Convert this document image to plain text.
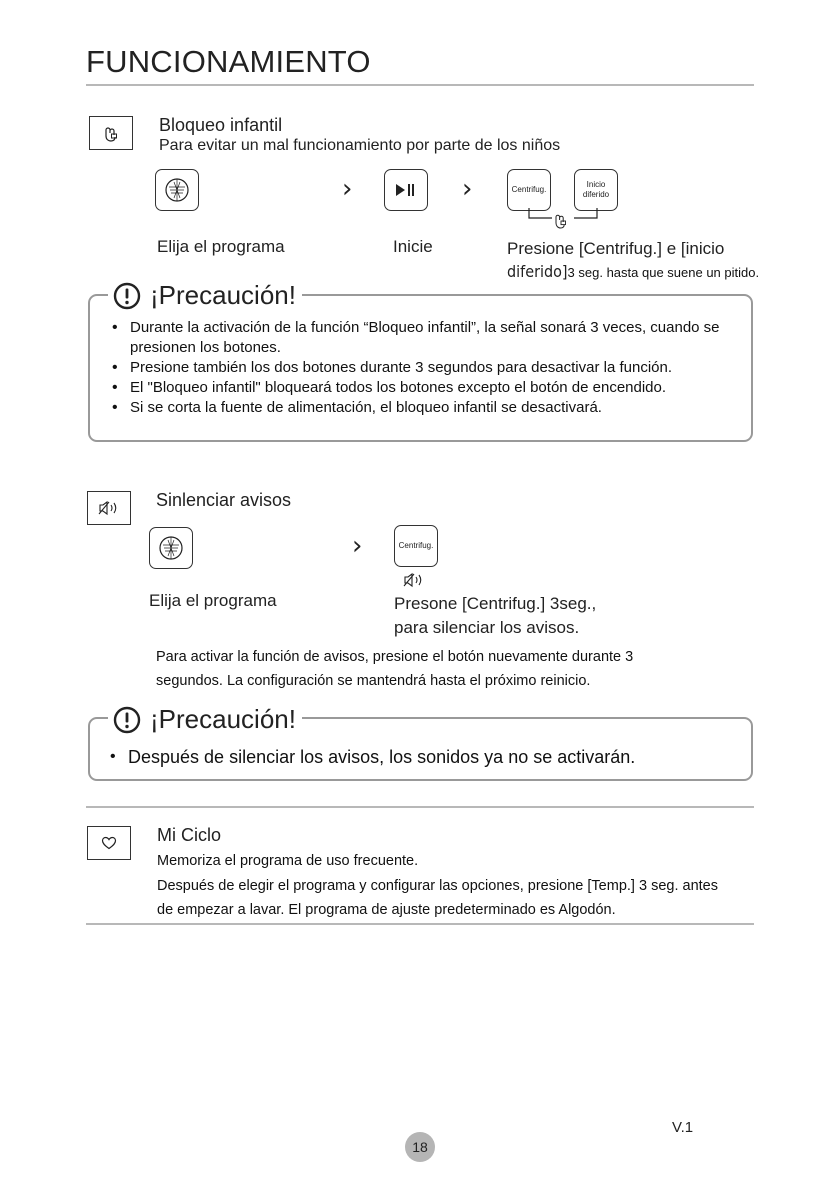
FUNCIONAMIENTO
Bloqueo infantil
Para evitar un mal funcionamiento por parte de los niños
›	›	Centrifug.
Inicio
diferido
Elija el programa	Inicie	Presione [Centrifug.] e [inicio
diferido]3 seg. hasta que suene un pitido.
¡Precaución!
• Durante la activación de la función “Bloqueo infantil”, la señal sonará 3 veces, cuando se presionen los botones.
• Presione también los dos botones durante 3 segundos para desactivar la función.
• El "Bloqueo infantil" bloqueará todos los botones excepto el botón de encendido.
• Si se corta la fuente de alimentación, el bloqueo infantil se desactivará.
Sinlenciar avisos
›	Centrifug.
Elija el programa	Presone [Centrifug.] 3seg.,
para silenciar los avisos.
Para activar la función de avisos, presione el botón nuevamente durante 3
segundos. La configuración se mantendrá hasta el próximo reinicio.
¡Precaución!
• Después de silenciar los avisos, los sonidos ya no se activarán.
Mi Ciclo
Memoriza el programa de uso frecuente.
Después de elegir el programa y configurar las opciones, presione [Temp.] 3 seg. antes
de empezar a lavar. El programa de ajuste predeterminado es Algodón.
V.1
18
